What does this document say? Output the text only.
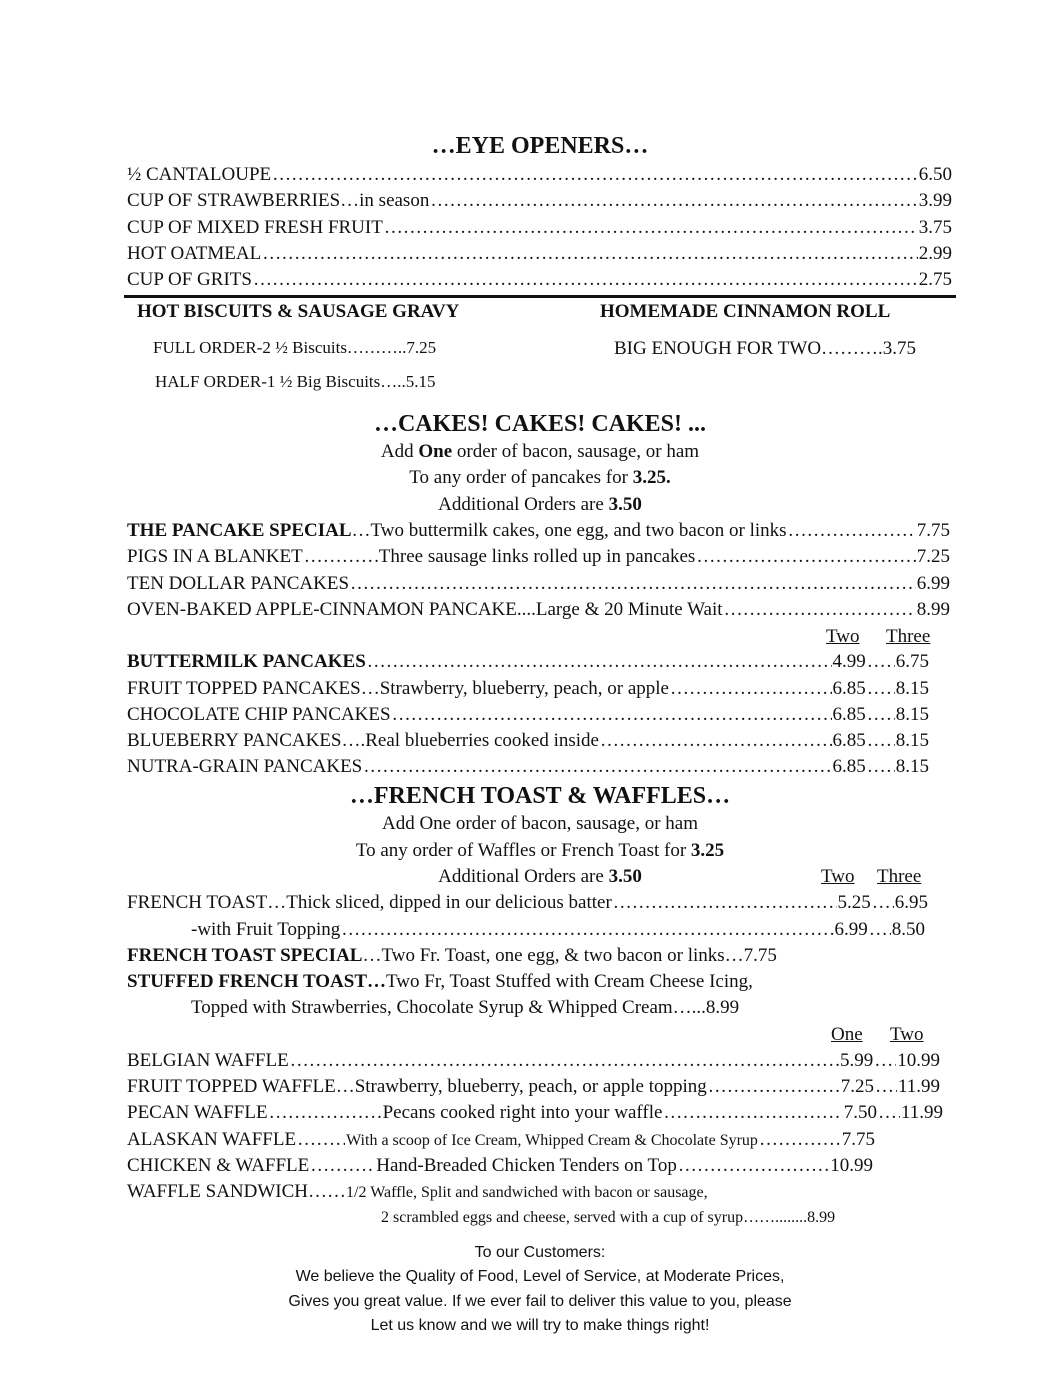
…EYE OPENERS…
½ CANTALOUPE ………………………………………………………………………………………………………………………………………………………………………………………………………………………………………………………………………………………	6.50
CUP OF STRAWBERRIES…in season ………………………………………………………………………………………………………………………………………………………………………………………………………………………………………………………………………………………	3.99
CUP OF MIXED FRESH FRUIT ………………………………………………………………………………………………………………………………………………………………………………………………………………………………………………………………………………………	3.75
HOT OATMEAL ………………………………………………………………………………………………………………………………………………………………………………………………………………………………………………………………………………………	2.99
CUP OF GRITS ………………………………………………………………………………………………………………………………………………………………………………………………………………………………………………………………………………………	2.75
HOT BISCUITS & SAUSAGE GRAVY
FULL ORDER-2 ½ Biscuits………..7.25
HALF ORDER-1 ½ Big Biscuits…..5.15
HOMEMADE CINNAMON ROLL
BIG ENOUGH FOR TWO……….3.75
…CAKES! CAKES! CAKES! ...
Add One order of bacon, sausage, or ham
To any order of pancakes for 3.25.
Additional Orders are 3.50
THE PANCAKE SPECIAL…Two buttermilk cakes, one egg, and two bacon or links ………………………………………………………………………………………………………………………………………………………………………………………………………………………………………………………………………………………	7.75
PIGS IN A BLANKET ………………………………………………………………………………………………………………………………………………………………………………………………………………………………………………………………………………………	Three sausage links rolled up in pancakes ………………………………………………………………………………………………………………………………………………………………………………………………………………………………………………………………………………………	7.25
TEN DOLLAR PANCAKES ………………………………………………………………………………………………………………………………………………………………………………………………………………………………………………………………………………………	6.99
OVEN-BAKED APPLE-CINNAMON PANCAKE....Large & 20 Minute Wait ………………………………………………………………………………………………………………………………………………………………………………………………………………………………………………………………………………………	8.99
Two Three
BUTTERMILK PANCAKES ………………………………………………………………………………………………………………………………………………………………………………………………………………………………………………………………………………………	4.99 ……………………………………………………………………………………………………………………………………………………………………………………………………………………………………………………………………………………… 6.75
FRUIT TOPPED PANCAKES…Strawberry, blueberry, peach, or apple ………………………………………………………………………………………………………………………………………………………………………………………………………………………………………………………………………………………	6.85 ……………………………………………………………………………………………………………………………………………………………………………………………………………………………………………………………………………………… 8.15
CHOCOLATE CHIP PANCAKES ………………………………………………………………………………………………………………………………………………………………………………………………………………………………………………………………………………………	6.85 ……………………………………………………………………………………………………………………………………………………………………………………………………………………………………………………………………………………… 8.15
BLUEBERRY PANCAKES….Real blueberries cooked inside ………………………………………………………………………………………………………………………………………………………………………………………………………………………………………………………………………………………	6.85 ……………………………………………………………………………………………………………………………………………………………………………………………………………………………………………………………………………………… 8.15
NUTRA-GRAIN PANCAKES ………………………………………………………………………………………………………………………………………………………………………………………………………………………………………………………………………………………	6.85 ……………………………………………………………………………………………………………………………………………………………………………………………………………………………………………………………………………………… 8.15
…FRENCH TOAST & WAFFLES…
Add One order of bacon, sausage, or ham
To any order of Waffles or French Toast for 3.25
Additional Orders are 3.50	Two Three
FRENCH TOAST…Thick sliced, dipped in our delicious batter ………………………………………………………………………………………………………………………………………………………………………………………………………………………………………………………………………………………	5.25 ……………………………………………………………………………………………………………………………………………………………………………………………………………………………………………………………………………………… 6.95
-with Fruit Topping ………………………………………………………………………………………………………………………………………………………………………………………………………………………………………………………………………………………	6.99 ……………………………………………………………………………………………………………………………………………………………………………………………………………………………………………………………………………………… 8.50
FRENCH TOAST SPECIAL…Two Fr. Toast, one egg, & two bacon or links…7.75
STUFFED FRENCH TOAST…Two Fr, Toast Stuffed with Cream Cheese Icing,
Topped with Strawberries, Chocolate Syrup & Whipped Cream…...8.99
One Two
BELGIAN WAFFLE ………………………………………………………………………………………………………………………………………………………………………………………………………………………………………………………………………………………	5.99 ……………………………………………………………………………………………………………………………………………………………………………………………………………………………………………………………………………………… 10.99
FRUIT TOPPED WAFFLE…Strawberry, blueberry, peach, or apple topping ………………………………………………………………………………………………………………………………………………………………………………………………………………………………………………………………………………………	7.25 ……………………………………………………………………………………………………………………………………………………………………………………………………………………………………………………………………………………… 11.99
PECAN WAFFLE ………………………………………………………………………………………………………………………………………………………………………………………………………………………………………………………………………………………	Pecans cooked right into your waffle ………………………………………………………………………………………………………………………………………………………………………………………………………………………………………………………………………………………	7.50 ……………………………………………………………………………………………………………………………………………………………………………………………………………………………………………………………………………………… 11.99
ALASKAN WAFFLE ………………………………………………………………………………………………………………………………………………………………………………………………………………………………………………………………………………………	With a scoop of Ice Cream, Whipped Cream & Chocolate Syrup ………………………………………………………………………………………………………………………………………………………………………………………………………………………………………………………………………………………	7.75
CHICKEN & WAFFLE ………………………………………………………………………………………………………………………………………………………………………………………………………………………………………………………………………………………	Hand-Breaded Chicken Tenders on Top ………………………………………………………………………………………………………………………………………………………………………………………………………………………………………………………………………………………	10.99
WAFFLE SANDWICH……1/2 Waffle, Split and sandwiched with bacon or sausage,
2 scrambled eggs and cheese, served with a cup of syrup……........8.99
To our Customers:
We believe the Quality of Food, Level of Service, at Moderate Prices,
Gives you great value. If we ever fail to deliver this value to you, please
Let us know and we will try to make things right!
